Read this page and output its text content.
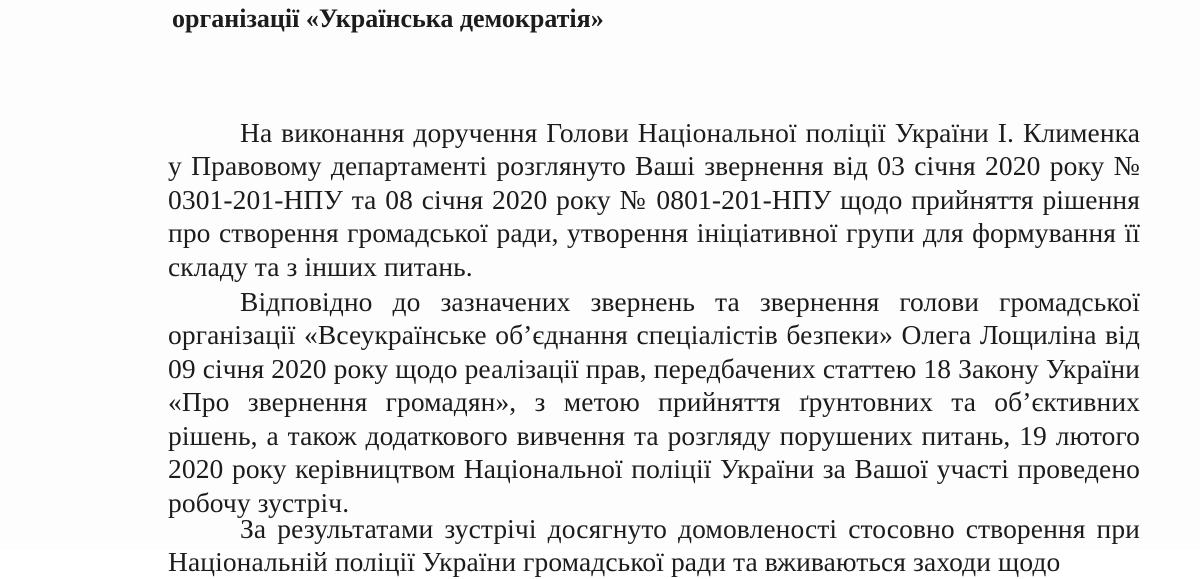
організації «Українська демократія»

На виконання доручення Голови Національної поліції України І. Клименка у Правовому департаменті розглянуто Ваші звернення від 03 січня 2020 року № 0301-201-НПУ та 08 січня 2020 року № 0801-201-НПУ щодо прийняття рішення про створення громадської ради, утворення ініціативної групи для формування її складу та з інших питань.

Відповідно до зазначених звернень та звернення голови громадської організації «Всеукраїнське об’єднання спеціалістів безпеки» Олега Лощиліна від 09 січня 2020 року щодо реалізації прав, передбачених статтею 18 Закону України «Про звернення громадян», з метою прийняття ґрунтовних та об’єктивних рішень, а також додаткового вивчення та розгляду порушених питань, 19 лютого 2020 року керівництвом Національної поліції України за Вашої участі проведено робочу зустріч.

За результатами зустрічі досягнуто домовленості стосовно створення при Національній поліції України громадської ради та вживаються заходи щодо
